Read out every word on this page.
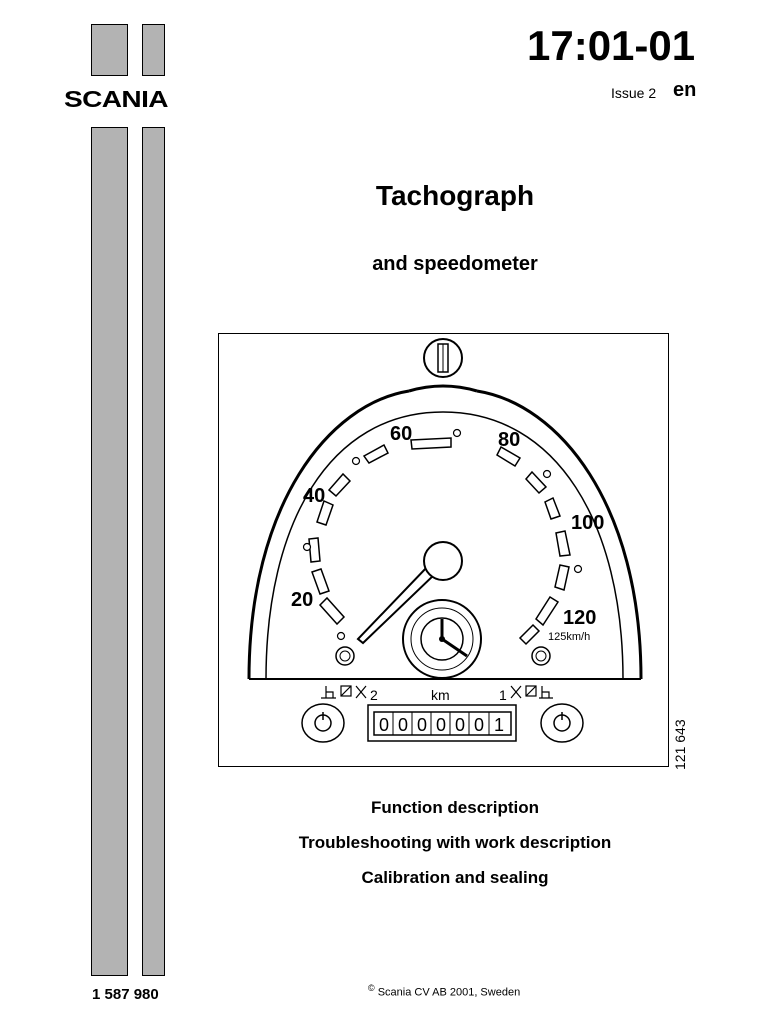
SCANIA
17:01-01
Issue 2 en
Tachograph
and speedometer
20
40
60	80
100
120
125km/h
2	km	1
0 0 0 0 0 0 1	121 643
Function description
Troubleshooting with work description
Calibration and sealing
1 587 980	© Scania CV AB 2001, Sweden
